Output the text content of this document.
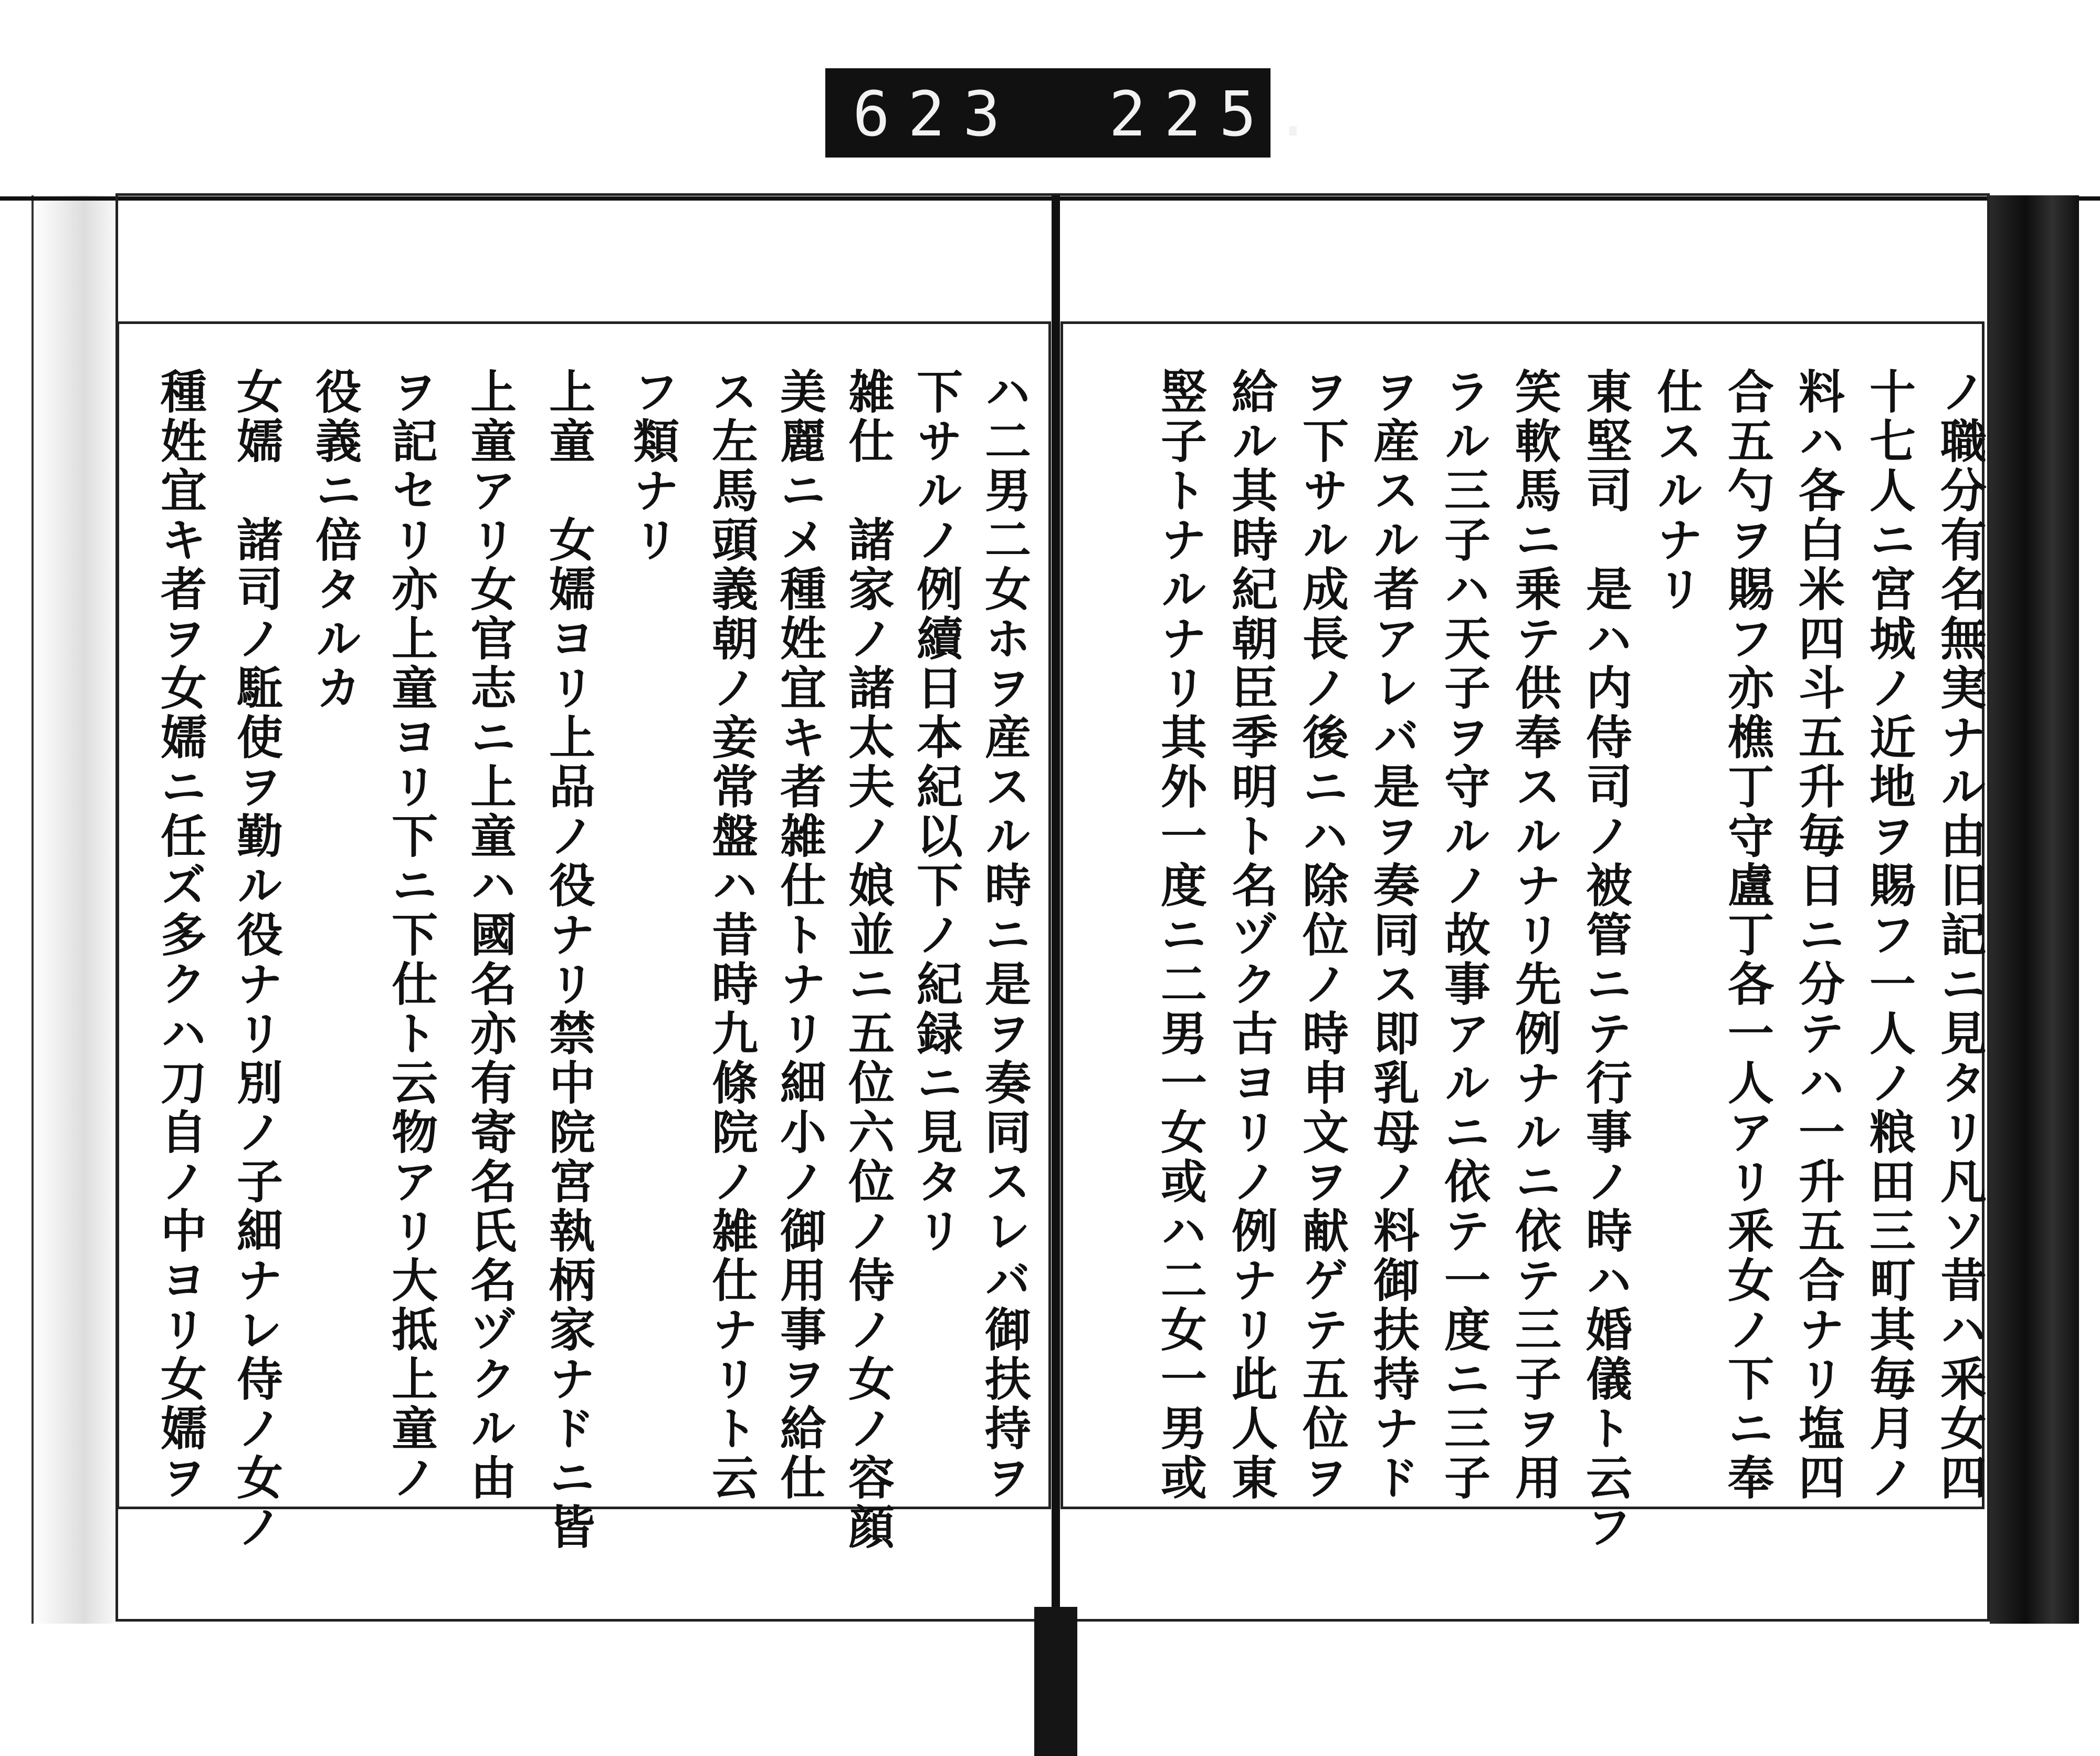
623 225.
ノ職分有名無実ナル由旧記ニ見タリ凡ソ昔ハ釆女四
十七人ニ宮城ノ近地ヲ賜フ一人ノ粮田三町其毎月ノ
料ハ各白米四斗五升毎日ニ分テハ一升五合ナリ塩四
合五勺ヲ賜フ亦樵丁守盧丁各一人アリ釆女ノ下ニ奉
仕スルナリ
東堅司　是ハ内侍司ノ被管ニテ行事ノ時ハ婚儀ト云フ
笑軟馬ニ乗テ供奉スルナリ先例ナルニ依テ三子ヲ用
ラル三子ハ天子ヲ守ルノ故事アルニ依テ一度ニ三子
ヲ産スル者アレバ是ヲ奏同ス即乳母ノ料御扶持ナド
ヲ下サル成長ノ後ニハ除位ノ時申文ヲ献ゲテ五位ヲ
給ル其時紀朝臣季明ト名ヅク古ヨリノ例ナリ此人東
竪子トナルナリ其外一度ニ二男一女或ハ二女一男或
ハ二男二女ホヲ産スル時ニ是ヲ奏同スレバ御扶持ヲ
下サルノ例續日本紀以下ノ紀録ニ見タリ
雑仕　諸家ノ諸太夫ノ娘並ニ五位六位ノ侍ノ女ノ容顔
美麗ニメ種姓宜キ者雑仕トナリ細小ノ御用事ヲ給仕
ス左馬頭義朝ノ妾常盤ハ昔時九條院ノ雑仕ナリト云
フ類ナリ
上童　女嬬ヨリ上品ノ役ナリ禁中院宮執柄家ナドニ皆
上童アリ女官志ニ上童ハ國名亦有寄名氏名ヅクル由
ヲ記セリ亦上童ヨリ下ニ下仕ト云物アリ大抵上童ノ
役義ニ倍タルカ
女嬬　諸司ノ駈使ヲ勤ル役ナリ別ノ子細ナレ侍ノ女ノ
種姓宜キ者ヲ女嬬ニ任ズ多クハ刀自ノ中ヨリ女嬬ヲ
